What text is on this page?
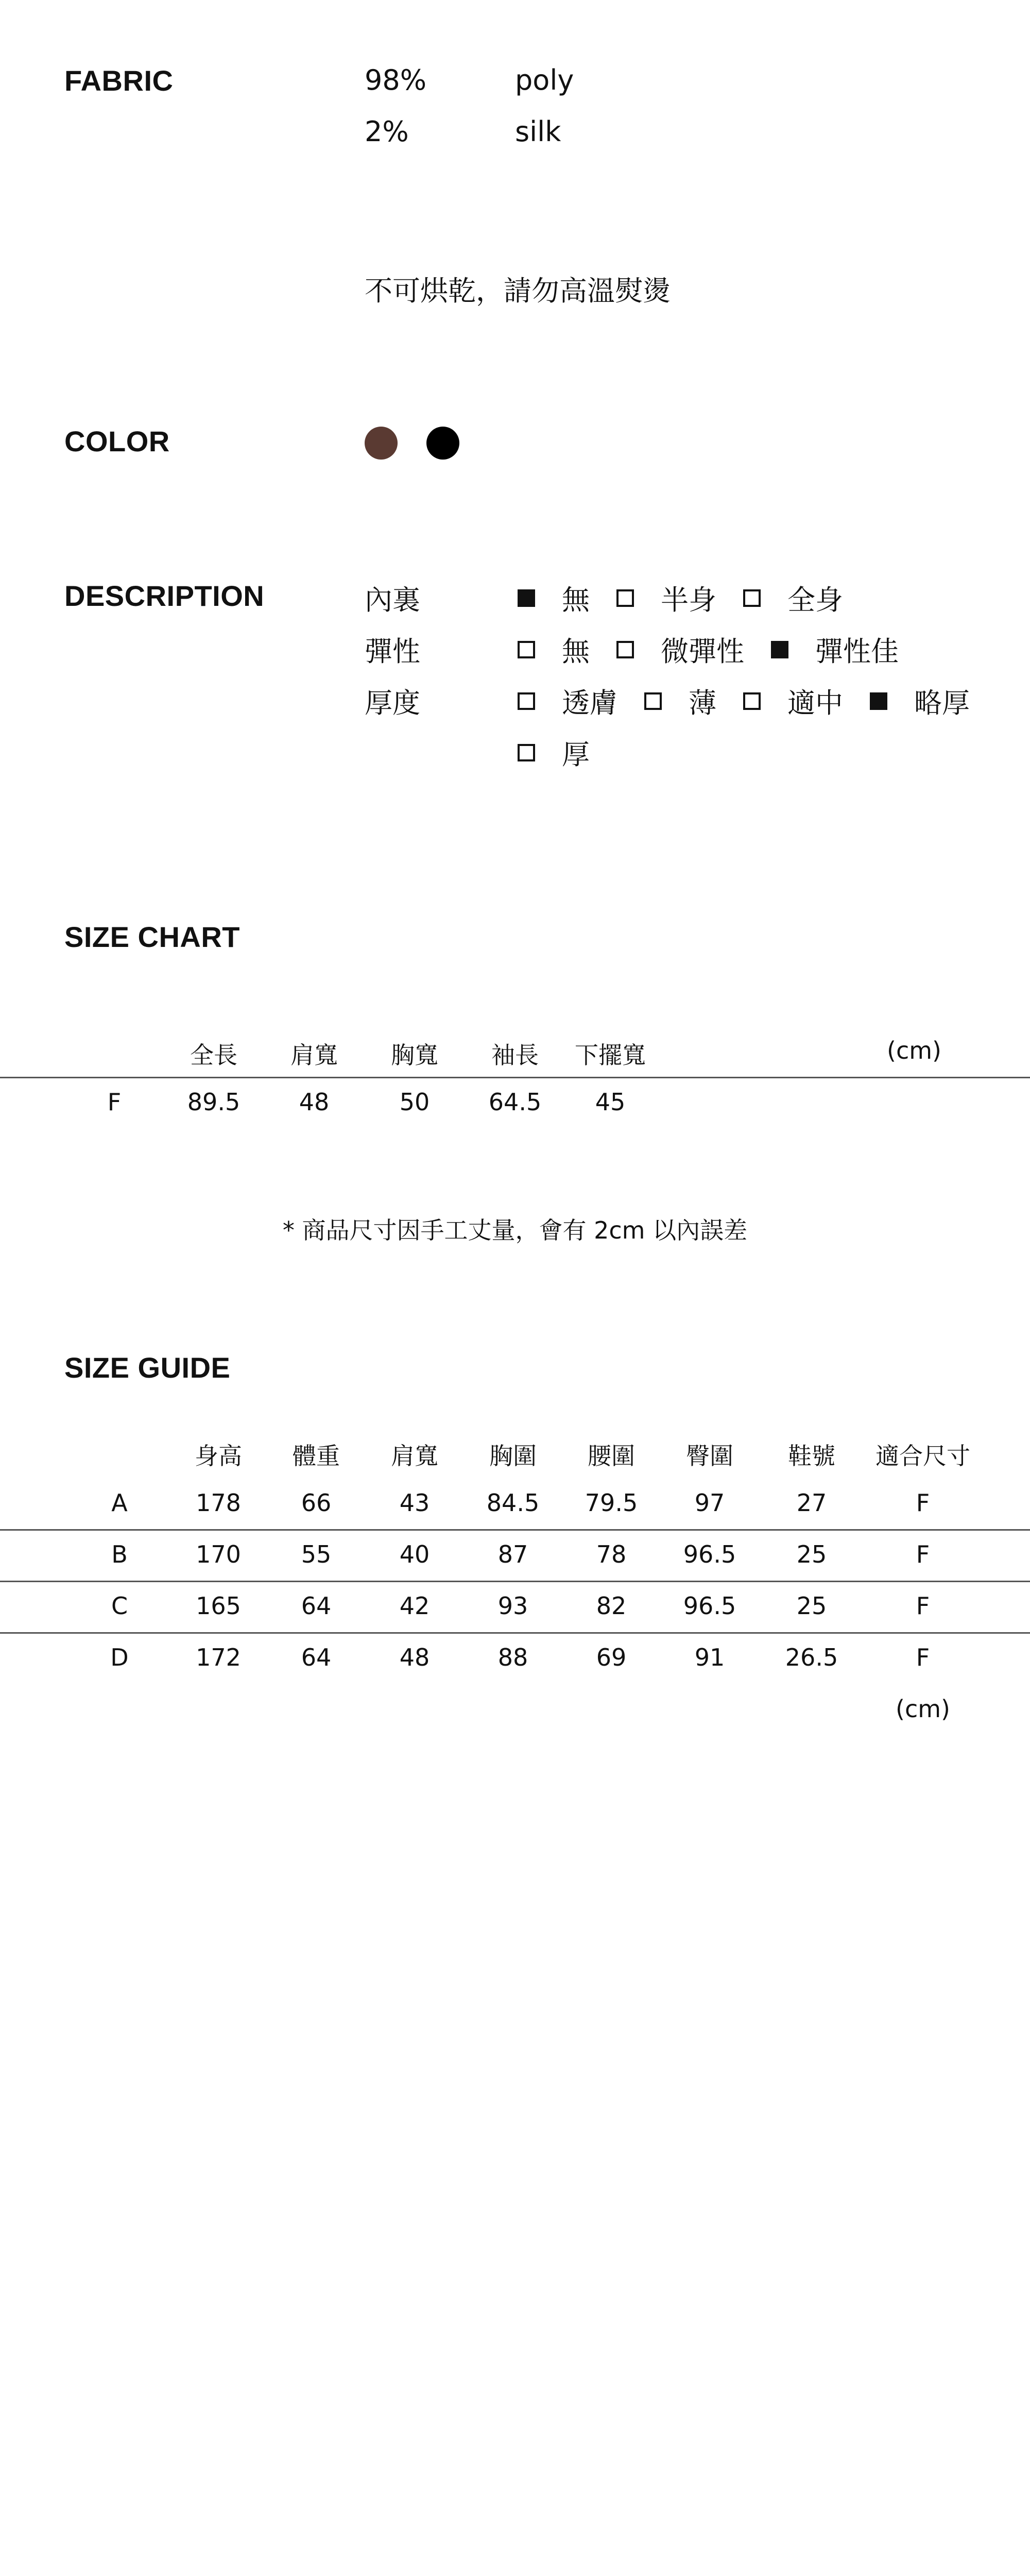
FABRIC	98%	poly
2%	silk
不可烘乾，請勿高溫熨燙
COLOR
DESCRIPTION	內裏	無	半身	全身
彈性	無	微彈性	彈性佳
厚度	透膚	薄	適中	略厚
厚
SIZE CHART
全長 肩寬 胸寬 袖長 下擺寬	(cm)
F	89.5 48	50 64.5 45
* 商品尺寸因手工丈量，會有 2cm 以內誤差
SIZE GUIDE
身高 體重 肩寬 胸圍 腰圍 臀圍 鞋號 適合尺寸
A	178	66	43 84.5 79.5 97	27	F
B	170	55	40	87	78 96.5	25	F
C	165	64	42	93	82 96.5	25	F
D	172	64	48	88	69	91	26.5	F
(cm)
